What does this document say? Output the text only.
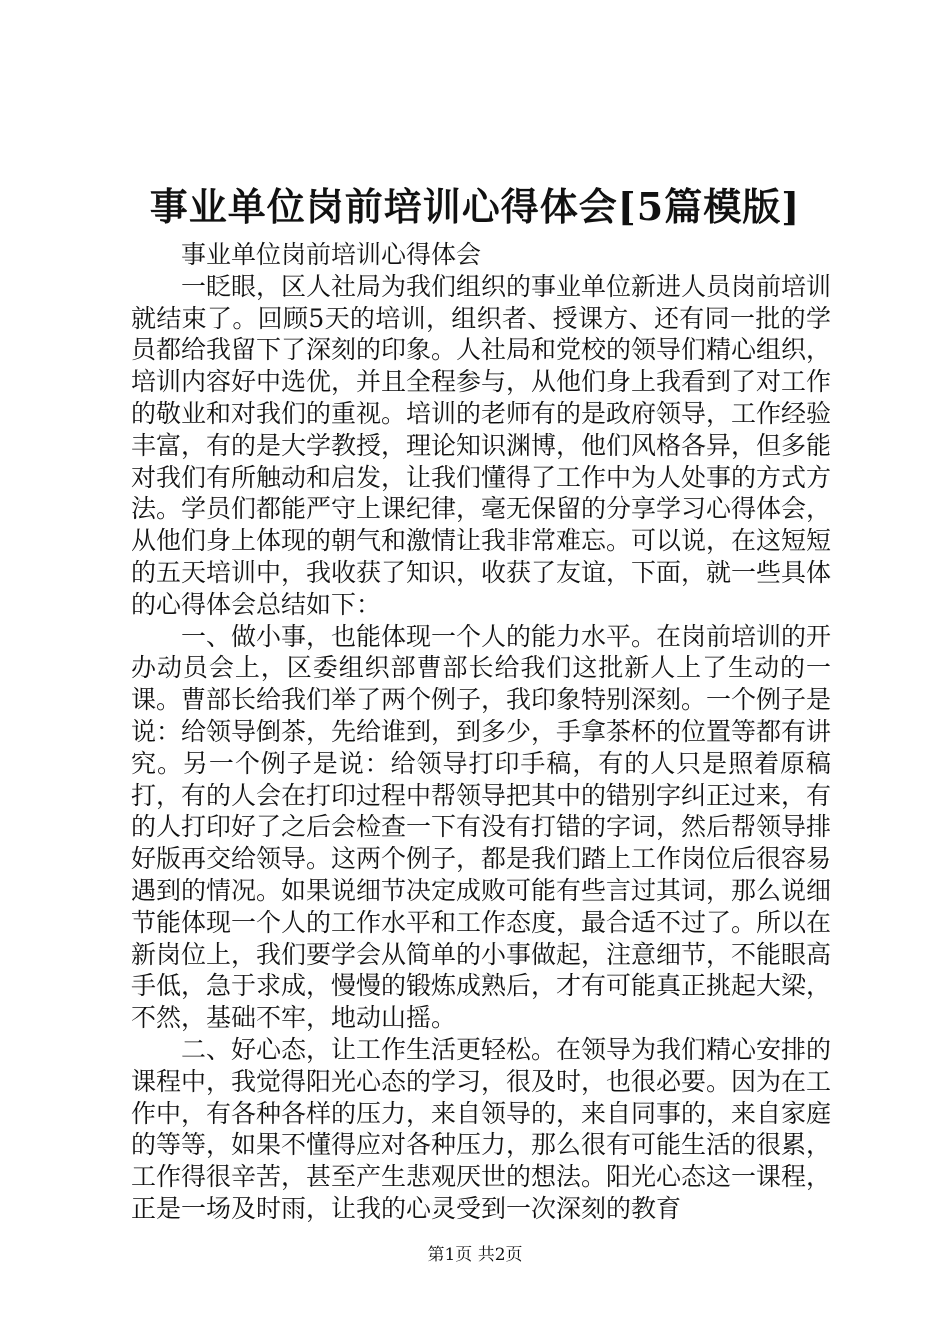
事业单位岗前培训心得体会[5篇模版]

事业单位岗前培训心得体会

一眨眼，区人社局为我们组织的事业单位新进人员岗前培训就结束了。回顾5天的培训，组织者、授课方、还有同一批的学员都给我留下了深刻的印象。人社局和党校的领导们精心组织，培训内容好中选优，并且全程参与，从他们身上我看到了对工作的敬业和对我们的重视。培训的老师有的是政府领导，工作经验丰富，有的是大学教授，理论知识渊博，他们风格各异，但多能对我们有所触动和启发，让我们懂得了工作中为人处事的方式方法。学员们都能严守上课纪律，毫无保留的分享学习心得体会，从他们身上体现的朝气和激情让我非常难忘。可以说，在这短短的五天培训中，我收获了知识，收获了友谊，下面，就一些具体的心得体会总结如下：

一、做小事，也能体现一个人的能力水平。在岗前培训的开办动员会上，区委组织部曹部长给我们这批新人上了生动的一课。曹部长给我们举了两个例子，我印象特别深刻。一个例子是说：给领导倒茶，先给谁到，到多少，手拿茶杯的位置等都有讲究。另一个例子是说：给领导打印手稿，有的人只是照着原稿打，有的人会在打印过程中帮领导把其中的错别字纠正过来，有的人打印好了之后会检查一下有没有打错的字词，然后帮领导排好版再交给领导。这两个例子，都是我们踏上工作岗位后很容易遇到的情况。如果说细节决定成败可能有些言过其词，那么说细节能体现一个人的工作水平和工作态度，最合适不过了。所以在新岗位上，我们要学会从简单的小事做起，注意细节，不能眼高手低，急于求成，慢慢的锻炼成熟后，才有可能真正挑起大梁，不然，基础不牢，地动山摇。

二、好心态，让工作生活更轻松。在领导为我们精心安排的课程中，我觉得阳光心态的学习，很及时，也很必要。因为在工作中，有各种各样的压力，来自领导的，来自同事的，来自家庭的等等，如果不懂得应对各种压力，那么很有可能生活的很累，工作得很辛苦，甚至产生悲观厌世的想法。阳光心态这一课程，正是一场及时雨，让我的心灵受到一次深刻的教育

第1页 共2页
